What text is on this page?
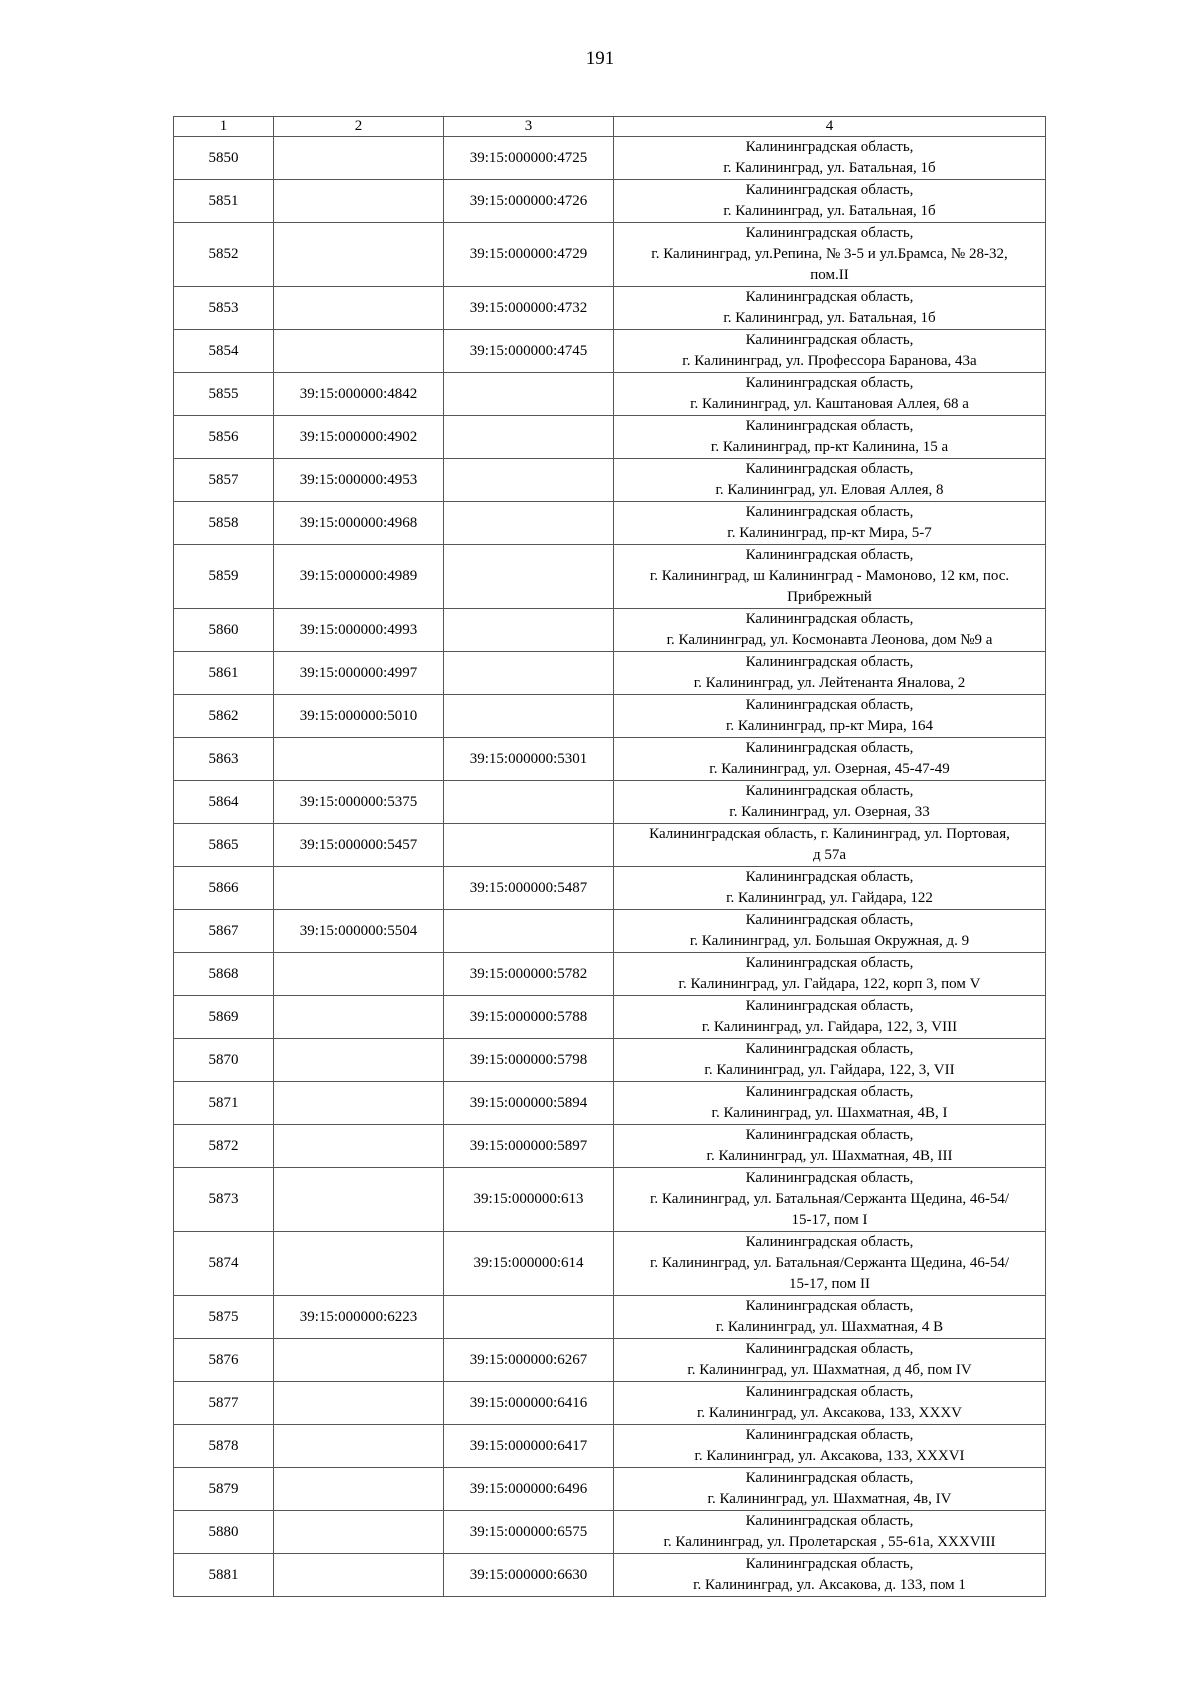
191
1	2	3	4
5850		39:15:000000:4725	Калининградская область,
г. Калининград, ул. Батальная, 1б
5851		39:15:000000:4726	Калининградская область,
г. Калининград, ул. Батальная, 1б
5852		39:15:000000:4729	Калининградская область,
г. Калининград, ул.Репина, № 3-5 и ул.Брамса, № 28-32,
пом.II
5853		39:15:000000:4732	Калининградская область,
г. Калининград, ул. Батальная, 1б
5854		39:15:000000:4745	Калининградская область,
г. Калининград, ул. Профессора Баранова, 43а
5855	39:15:000000:4842		Калининградская область,
г. Калининград, ул. Каштановая Аллея, 68 а
5856	39:15:000000:4902		Калининградская область,
г. Калининград, пр-кт Калинина, 15 а
5857	39:15:000000:4953		Калининградская область,
г. Калининград, ул. Еловая Аллея, 8
5858	39:15:000000:4968		Калининградская область,
г. Калининград, пр-кт Мира, 5-7
5859	39:15:000000:4989		Калининградская область,
г. Калининград, ш Калининград - Мамоново, 12 км, пос.
Прибрежный
5860	39:15:000000:4993		Калининградская область,
г. Калининград, ул. Космонавта Леонова, дом №9 а
5861	39:15:000000:4997		Калининградская область,
г. Калининград, ул. Лейтенанта Яналова, 2
5862	39:15:000000:5010		Калининградская область,
г. Калининград, пр-кт Мира, 164
5863		39:15:000000:5301	Калининградская область,
г. Калининград, ул. Озерная, 45-47-49
5864	39:15:000000:5375		Калининградская область,
г. Калининград, ул. Озерная, 33
5865	39:15:000000:5457		Калининградская область, г. Калининград, ул. Портовая,
д 57а
5866		39:15:000000:5487	Калининградская область,
г. Калининград, ул. Гайдара, 122
5867	39:15:000000:5504		Калининградская область,
г. Калининград, ул. Большая Окружная, д. 9
5868		39:15:000000:5782	Калининградская область,
г. Калининград, ул. Гайдара, 122, корп 3, пом V
5869		39:15:000000:5788	Калининградская область,
г. Калининград, ул. Гайдара, 122, 3, VIII
5870		39:15:000000:5798	Калининградская область,
г. Калининград, ул. Гайдара, 122, 3, VII
5871		39:15:000000:5894	Калининградская область,
г. Калининград, ул. Шахматная, 4В, I
5872		39:15:000000:5897	Калининградская область,
г. Калининград, ул. Шахматная, 4В, III
5873		39:15:000000:613	Калининградская область,
г. Калининград, ул. Батальная/Сержанта Щедина, 46-54/
15-17, пом I
5874		39:15:000000:614	Калининградская область,
г. Калининград, ул. Батальная/Сержанта Щедина, 46-54/
15-17, пом II
5875	39:15:000000:6223		Калининградская область,
г. Калининград, ул. Шахматная, 4 В
5876		39:15:000000:6267	Калининградская область,
г. Калининград, ул. Шахматная, д 4б, пом IV
5877		39:15:000000:6416	Калининградская область,
г. Калининград, ул. Аксакова, 133, XXXV
5878		39:15:000000:6417	Калининградская область,
г. Калининград, ул. Аксакова, 133, XXXVI
5879		39:15:000000:6496	Калининградская область,
г. Калининград, ул. Шахматная, 4в, IV
5880		39:15:000000:6575	Калининградская область,
г. Калининград, ул. Пролетарская , 55-61а, XXXVIII
5881		39:15:000000:6630	Калининградская область,
г. Калининград, ул. Аксакова, д. 133, пом 1
